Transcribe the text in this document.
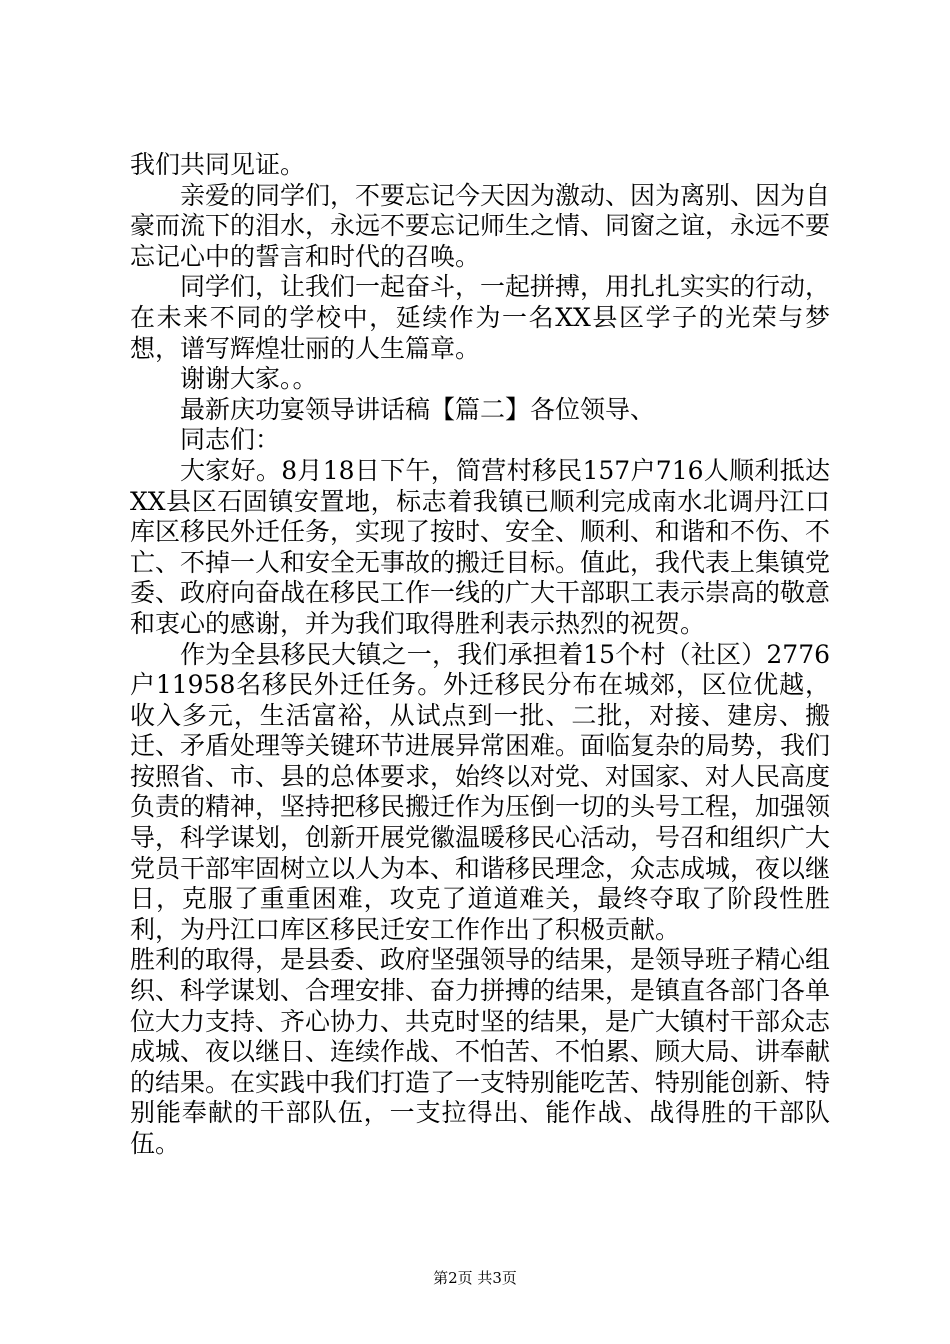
我们共同见证。

亲爱的同学们，不要忘记今天因为激动、因为离别、因为自豪而流下的泪水，永远不要忘记师生之情、同窗之谊，永远不要忘记心中的誓言和时代的召唤。

同学们，让我们一起奋斗，一起拼搏，用扎扎实实的行动，在未来不同的学校中，延续作为一名XX县区学子的光荣与梦想，谱写辉煌壮丽的人生篇章。

谢谢大家。。

最新庆功宴领导讲话稿【篇二】各位领导、

同志们：

大家好。8月18日下午，简营村移民157户716人顺利抵达XX县区石固镇安置地，标志着我镇已顺利完成南水北调丹江口库区移民外迁任务，实现了按时、安全、顺利、和谐和不伤、不亡、不掉一人和安全无事故的搬迁目标。值此，我代表上集镇党委、政府向奋战在移民工作一线的广大干部职工表示崇高的敬意和衷心的感谢，并为我们取得胜利表示热烈的祝贺。

作为全县移民大镇之一，我们承担着15个村（社区）2776户11958名移民外迁任务。外迁移民分布在城郊，区位优越，收入多元，生活富裕，从试点到一批、二批，对接、建房、搬迁、矛盾处理等关键环节进展异常困难。面临复杂的局势，我们按照省、市、县的总体要求，始终以对党、对国家、对人民高度负责的精神，坚持把移民搬迁作为压倒一切的头号工程，加强领导，科学谋划，创新开展党徽温暖移民心活动，号召和组织广大党员干部牢固树立以人为本、和谐移民理念，众志成城，夜以继日，克服了重重困难，攻克了道道难关，最终夺取了阶段性胜利，为丹江口库区移民迁安工作作出了积极贡献。

胜利的取得，是县委、政府坚强领导的结果，是领导班子精心组织、科学谋划、合理安排、奋力拼搏的结果，是镇直各部门各单位大力支持、齐心协力、共克时坚的结果，是广大镇村干部众志成城、夜以继日、连续作战、不怕苦、不怕累、顾大局、讲奉献的结果。在实践中我们打造了一支特别能吃苦、特别能创新、特别能奉献的干部队伍，一支拉得出、能作战、战得胜的干部队伍。

第2页 共3页
